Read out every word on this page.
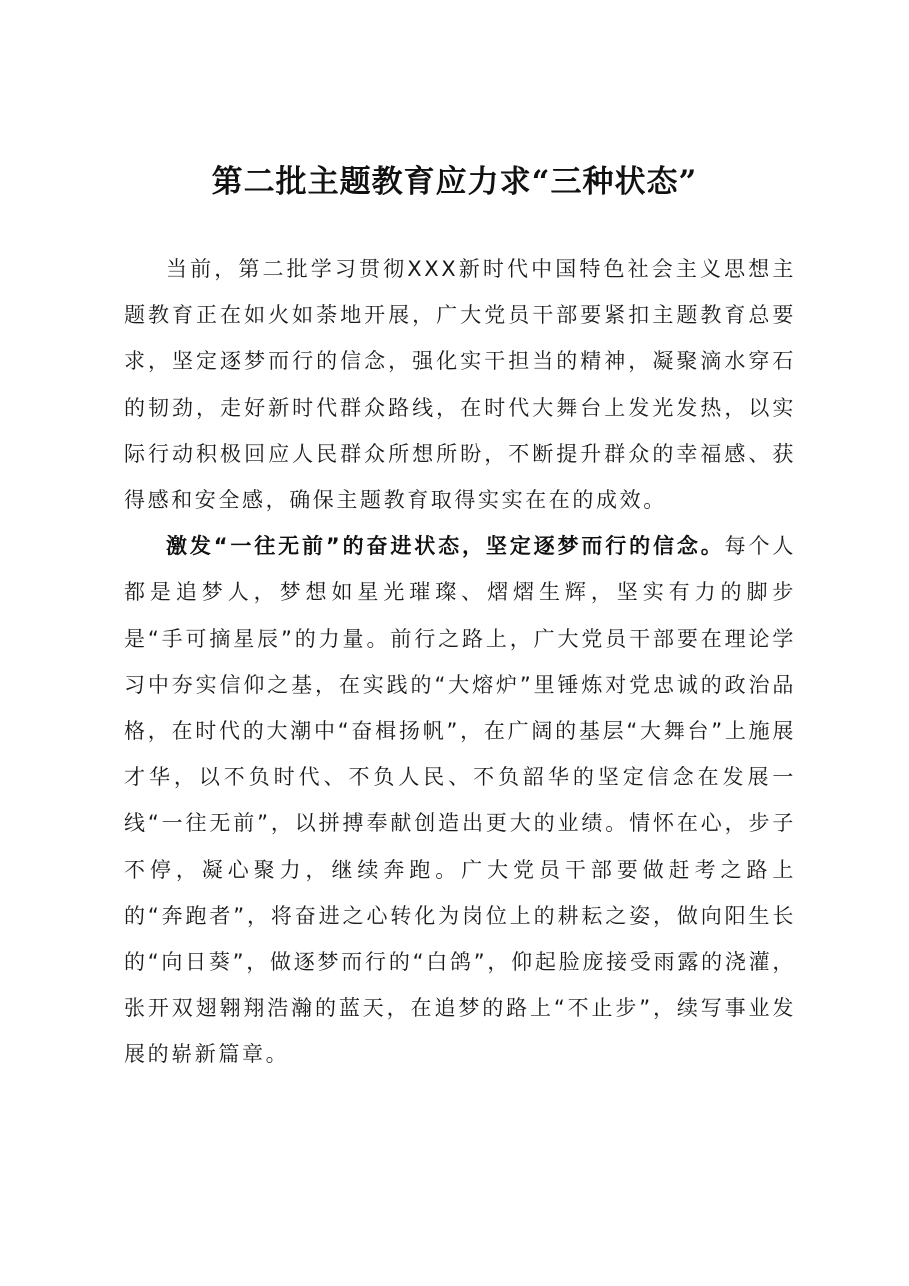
第二批主题教育应力求“三种状态”

当前，第二批学习贯彻XXX新时代中国特色社会主义思想主题教育正在如火如荼地开展，广大党员干部要紧扣主题教育总要求，坚定逐梦而行的信念，强化实干担当的精神，凝聚滴水穿石的韧劲，走好新时代群众路线，在时代大舞台上发光发热，以实际行动积极回应人民群众所想所盼，不断提升群众的幸福感、获得感和安全感，确保主题教育取得实实在在的成效。

激发“一往无前”的奋进状态，坚定逐梦而行的信念。每个人都是追梦人，梦想如星光璀璨、熠熠生辉，坚实有力的脚步是“手可摘星辰”的力量。前行之路上，广大党员干部要在理论学习中夯实信仰之基，在实践的“大熔炉”里锤炼对党忠诚的政治品格，在时代的大潮中“奋楫扬帆”，在广阔的基层“大舞台”上施展才华，以不负时代、不负人民、不负韶华的坚定信念在发展一线“一往无前”，以拼搏奉献创造出更大的业绩。情怀在心，步子不停，凝心聚力，继续奔跑。广大党员干部要做赶考之路上的“奔跑者”，将奋进之心转化为岗位上的耕耘之姿，做向阳生长的“向日葵”，做逐梦而行的“白鸽”，仰起脸庞接受雨露的浇灌，张开双翅翱翔浩瀚的蓝天，在追梦的路上“不止步”，续写事业发展的崭新篇章。
